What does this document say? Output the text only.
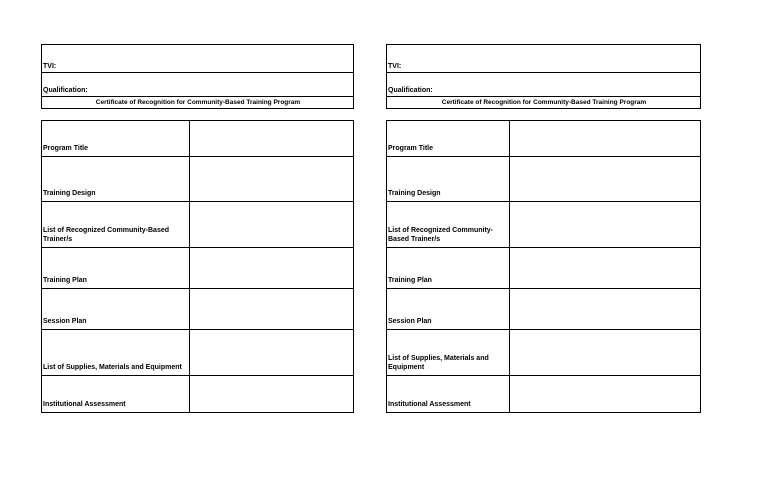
TVI:
Qualification:
Certificate of Recognition for Community-Based Training Program
Program Title
Training Design
List of Recognized Community-Based Trainer/s
Training Plan
Session Plan
List of Supplies, Materials and Equipment
Institutional Assessment
TVI:
Qualification:
Certificate of Recognition for Community-Based Training Program
Program Title
Training Design
List of Recognized Community-Based Trainer/s
Training Plan
Session Plan
List of Supplies, Materials and Equipment
Institutional Assessment
